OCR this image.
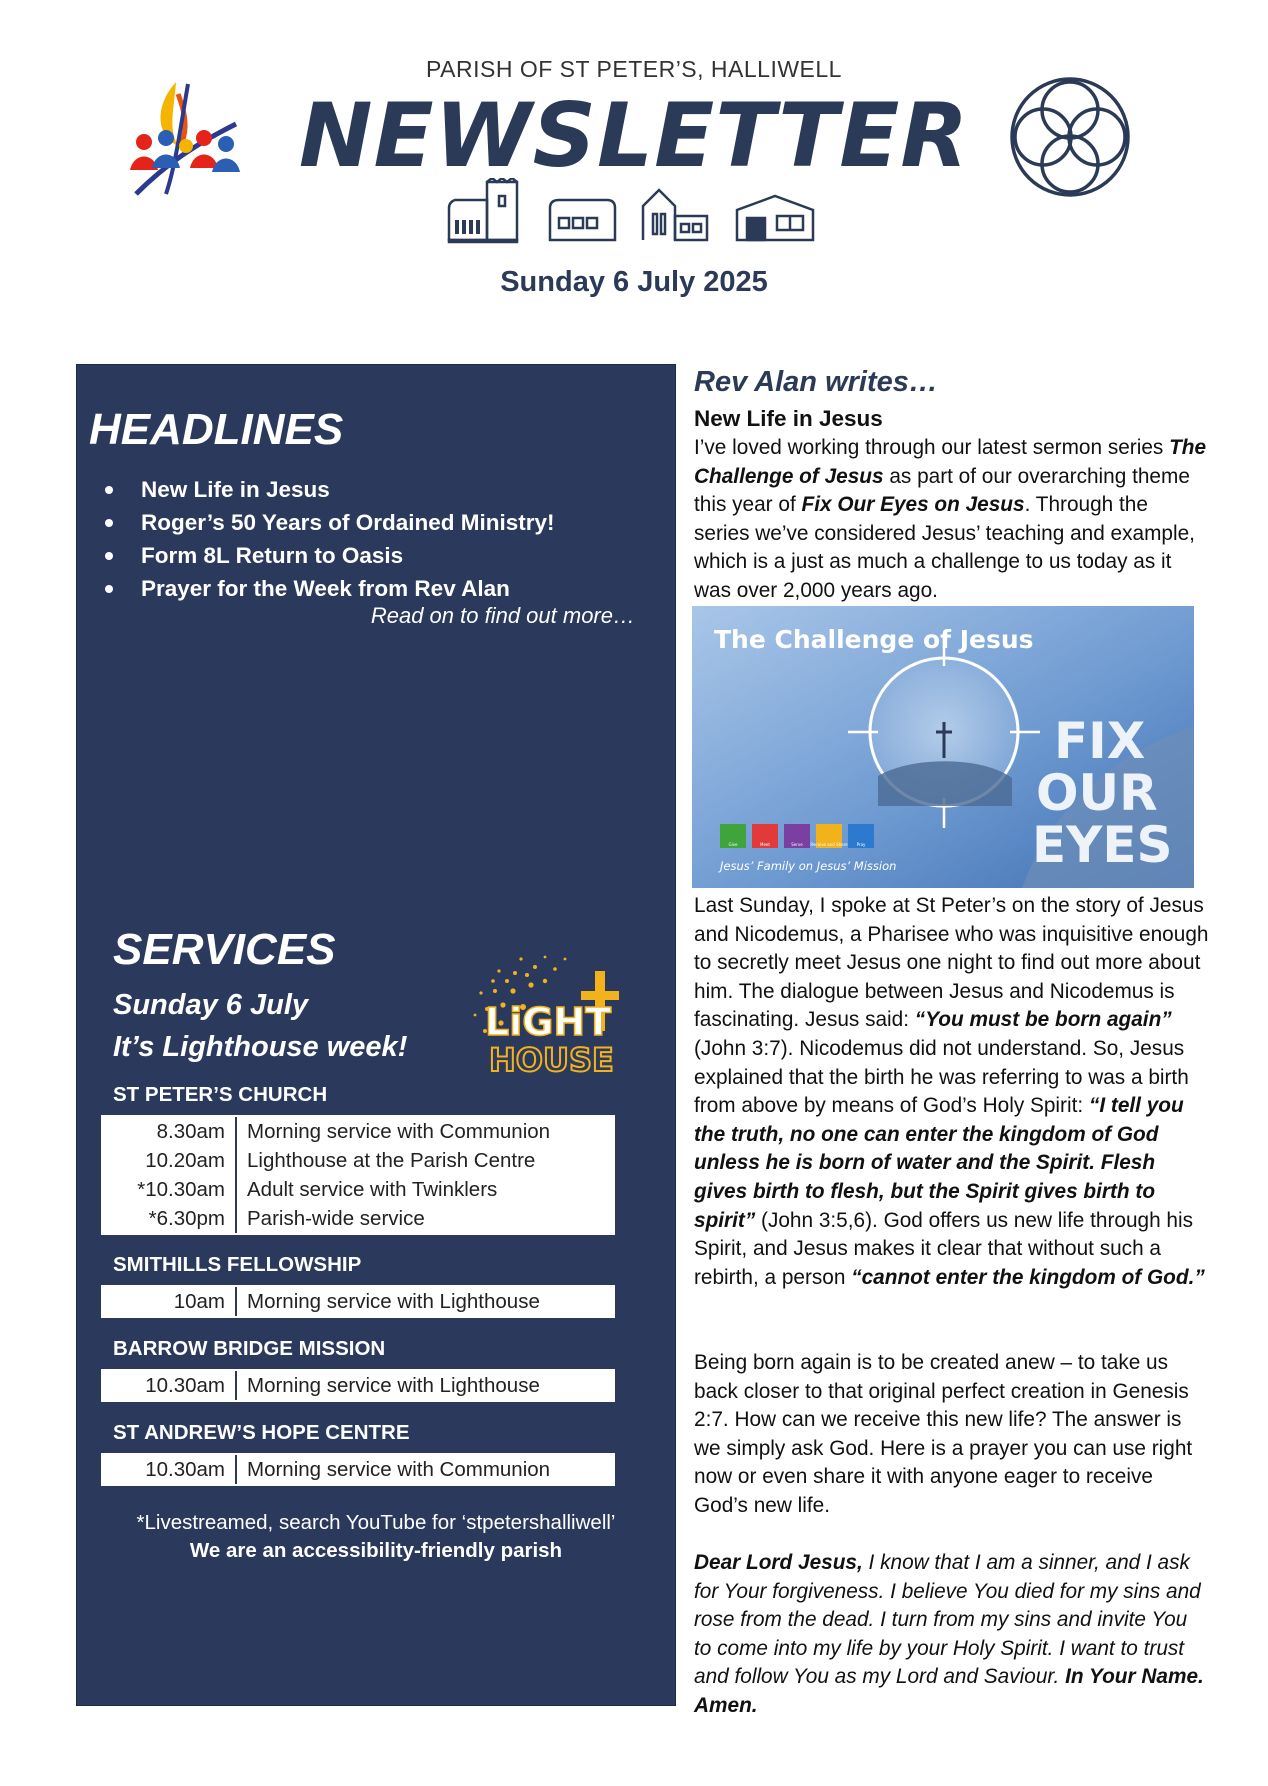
PARISH OF ST PETER’S, HALLIWELL
NEWSLETTER
Sunday 6 July 2025
HEADLINES
New Life in Jesus
Roger’s 50 Years of Ordained Ministry!
Form 8L Return to Oasis
Prayer for the Week from Rev Alan
Read on to find out more…
SERVICES
Sunday 6 July
It’s Lighthouse week!
LiGHT
HOUSE
ST PETER’S CHURCH
8.30am	Morning service with Communion
10.20am	Lighthouse at the Parish Centre
*10.30am	Adult service with Twinklers
*6.30pm	Parish-wide service
SMITHILLS FELLOWSHIP
10am	Morning service with Lighthouse
BARROW BRIDGE MISSION
10.30am	Morning service with Lighthouse
ST ANDREW’S HOPE CENTRE
10.30am	Morning service with Communion
*Livestreamed, search YouTube for ‘stpetershalliwell’
We are an accessibility-friendly parish
Rev Alan writes…
New Life in Jesus
I’ve loved working through our latest sermon series The Challenge of Jesus as part of our overarching theme this year of Fix Our Eyes on Jesus. Through the series we’ve considered Jesus’ teaching and example, which is a just as much a challenge to us today as it was over 2,000 years ago.
The Challenge of Jesus
FIX
OUR
EYES
Give	Meet	Serve Receive and Share Pray
Jesus’ Family on Jesus’ Mission
Last Sunday, I spoke at St Peter’s on the story of Jesus and Nicodemus, a Pharisee who was inquisitive enough to secretly meet Jesus one night to find out more about him. The dialogue between Jesus and Nicodemus is fascinating. Jesus said: “You must be born again” (John 3:7). Nicodemus did not understand. So, Jesus explained that the birth he was referring to was a birth from above by means of God’s Holy Spirit: “I tell you the truth, no one can enter the kingdom of God unless he is born of water and the Spirit. Flesh gives birth to flesh, but the Spirit gives birth to spirit” (John 3:5,6). God offers us new life through his Spirit, and Jesus makes it clear that without such a rebirth, a person “cannot enter the kingdom of God.”
Being born again is to be created anew – to take us back closer to that original perfect creation in Genesis 2:7. How can we receive this new life? The answer is we simply ask God. Here is a prayer you can use right now or even share it with anyone eager to receive God’s new life.
Dear Lord Jesus, I know that I am a sinner, and I ask for Your forgiveness. I believe You died for my sins and rose from the dead. I turn from my sins and invite You to come into my life by your Holy Spirit. I want to trust and follow You as my Lord and Saviour. In Your Name. Amen.
